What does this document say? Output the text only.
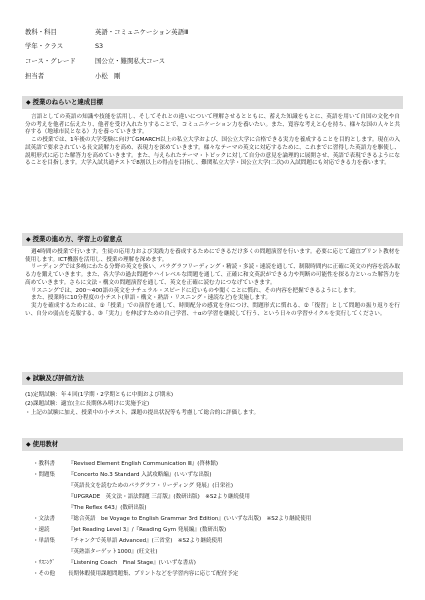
教科・科目	英語・コミュニケーション英語Ⅲ
学年・クラス	S3
コース・グレード	国公立・難関私大コース
担当者	小松　剛
◆ 授業のねらいと達成目標

言語としての英語の知識や技能を活用し、そしてそれとの違いについて理解させるとともに、蓄えた知識をもとに、英語を用いて自国の文化や自分の考えを他者に伝えたり、他者を受け入れたりすることで、コミュニケーション力を養いたい。また、寛容な考えと心を持ち、様々な国の人々と共存する（地球市民となる）力を養っていきます。

この授業では、1年後の大学受験に向けてGMARCH以上の私立大学および、国公立大学に合格できる実力を養成することを目的とします。現在の入試英語で要求されている長文読解力を高め、表現力を深めていきます。様々なテーマの英文に対応するために、これまでに習得した英語力を駆使し、説明形式に応じた解答力を高めていきます。また、与えられたテーマ・トピックに対して自分の意見を論理的に展開させ、英語で表現できるようになることを目指します。大学入試共通テストで8割以上の得点を目指し、難関私立大学・国公立大学(二次)の入試問題にも対応できる力を養います。

◆ 授業の進め方、学習上の留意点

週4時間の授業で行います。生徒の応用力および実践力を養成するためにできるだけ多くの問題演習を行います。必要に応じて適宜プリント教材を使用します。ICT機器を活用し、授業の理解を深めます。

リーディングでは多岐にわたる分野の英文を扱い、パラグラフリーディング・精読・多読・速読を通して、制限時間内に正確に英文の内容を読み取る力を鍛えていきます。また、各大学の過去問題やハイレベルな問題を通して、正確に和文英訳ができる力や判断の可能性を探る力といった解答力を高めていきます。さらに文法・構文の問題演習を通して、英文を正確に読む力につなげていきます。

リスニングでは、200〜400語の英文をナチュラル・スピードに近いものや聞くことに慣れ、その内容を把握できるようにします。

また、授業時に10分程度の小テスト(単語・構文・熟語・リスニング・速読など)を実施します。

実力を確成するためには、①「授業」での演習を通して、時間配分の感覚を身につけ、問題形式に慣れる、②「復習」として問題の振り返りを行い、自分の弱点を克服する、③「実力」を伸ばすための自己学習、＋αの学習を継続して行う、という日々の学習サイクルを実行してください。

◆ 試験及び評価方法
(1)定期試験：年４回(1学期・2学期ともに中間および期末)
(2)課題試験：適宜(主に長期休み明けに実施予定)
・上記の試験に加え、授業中の小テスト、課題の提出状況等も考慮して総合的に評価します。
◆ 使用教材
・教科書	『Revised Element English Communication Ⅲ』(啓林館)
・問題集	『Concerto No.3 Standard 入試攻略編』(いいずな出版)
『英語長文を読むためのパラグラフ・リーディング 発展』(日栄社)
『UPGRADE　英文法・語法問題 三訂版』(数研出版)　※S2より継続使用
『The Reflex 643』(数研出版)
・文法書	『総合英語　be Voyage to English Grammar 3rd Edition』(いいずな出版)　※S2より継続使用
・速読	『Jet Reading Level 3』/『Reading Gym 発展編』(数研出版)
・単語集	『チャンクで英単語 Advanced』(三省堂)　※S2より継続使用
『英熟語ターゲット1000』(旺文社)
・ﾘｽﾆﾝｸﾞ	『Listening Coach　Final Stage』(いいずな書店)
・その他	長期休暇使用課題問題集、プリントなどを学習内容に応じて配付予定
